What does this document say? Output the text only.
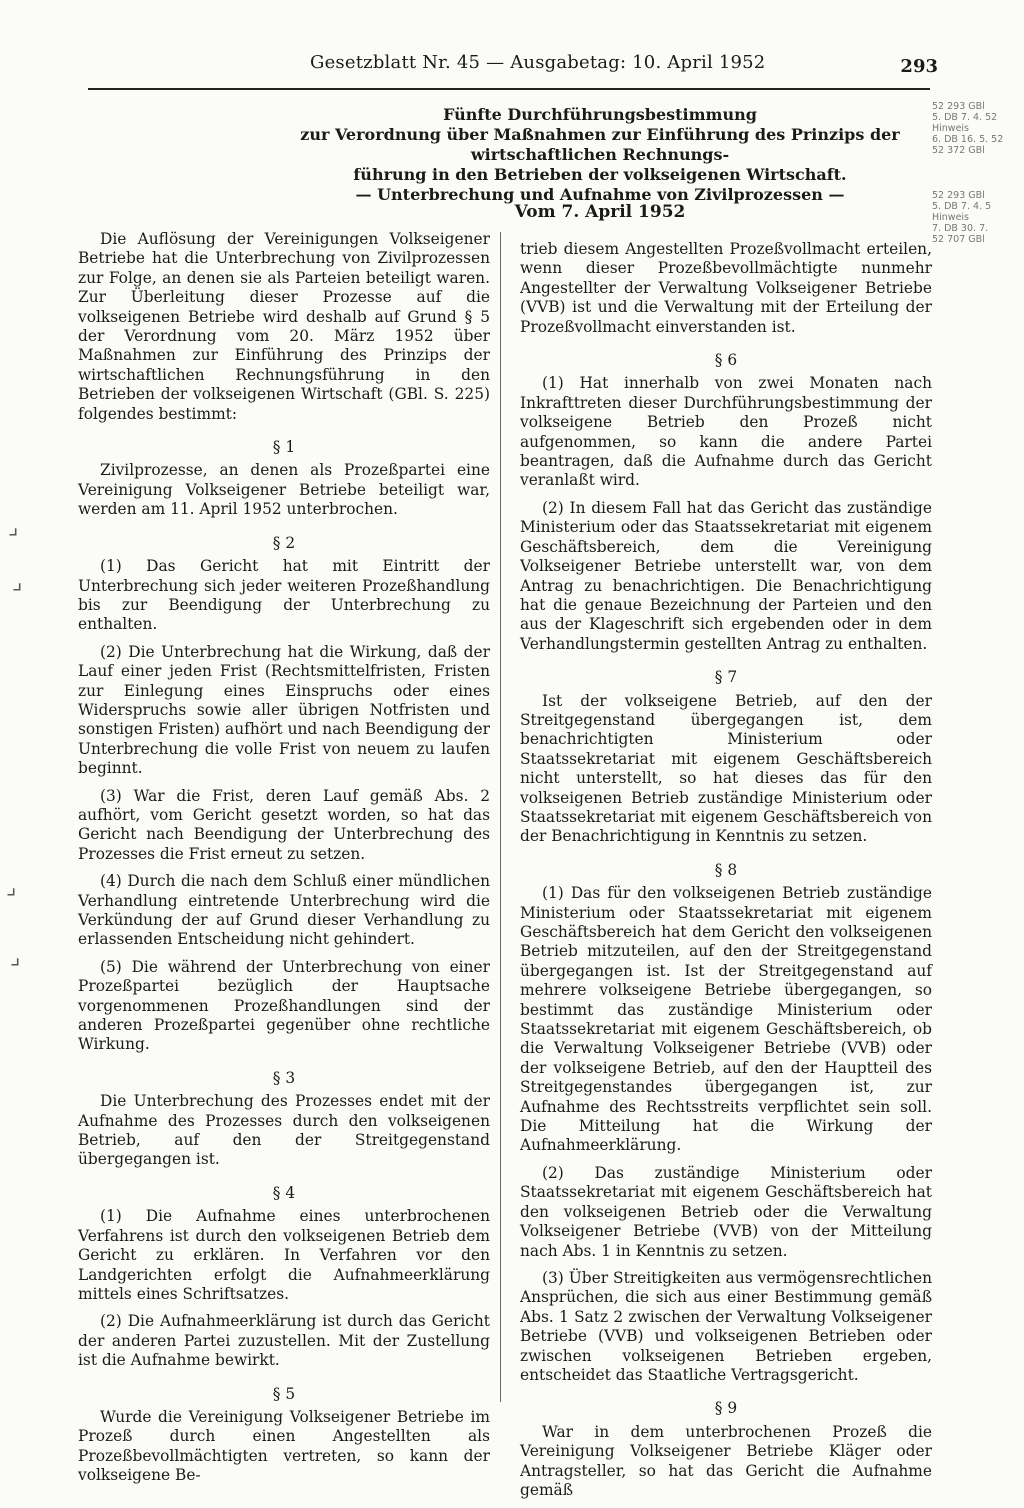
Gesetzblatt Nr. 45 — Ausgabetag: 10. April 1952	293
52 293 GBl
5. DB 7. 4. 52
Hinweis
6. DB 16. 5. 52
52 372 GBl
52 293 GBl
5. DB 7. 4. 5
Hinweis
7. DB 30. 7.
52 707 GBl
Fünfte Durchführungsbestimmung
zur Verordnung über Maßnahmen zur Einführung des Prinzips der wirtschaftlichen Rechnungs-
führung in den Betrieben der volkseigenen Wirtschaft.
— Unterbrechung und Aufnahme von Zivilprozessen —
Vom 7. April 1952
⌟
⌟
⌟
⌟

Die Auflösung der Vereinigungen Volkseigener Betriebe hat die Unterbrechung von Zivilprozessen zur Folge, an denen sie als Parteien beteiligt waren. Zur Überleitung dieser Prozesse auf die volkseigenen Betriebe wird deshalb auf Grund § 5 der Verordnung vom 20. März 1952 über Maßnahmen zur Einführung des Prinzips der wirtschaftlichen Rechnungsführung in den Betrieben der volkseigenen Wirtschaft (GBl. S. 225) folgendes bestimmt:

§ 1

Zivilprozesse, an denen als Prozeßpartei eine Vereinigung Volkseigener Betriebe beteiligt war, werden am 11. April 1952 unterbrochen.

§ 2

(1) Das Gericht hat mit Eintritt der Unterbrechung sich jeder weiteren Prozeßhandlung bis zur Beendigung der Unterbrechung zu enthalten.

(2) Die Unterbrechung hat die Wirkung, daß der Lauf einer jeden Frist (Rechtsmittelfristen, Fristen zur Einlegung eines Einspruchs oder eines Widerspruchs sowie aller übrigen Notfristen und sonstigen Fristen) aufhört und nach Beendigung der Unterbrechung die volle Frist von neuem zu laufen beginnt.

(3) War die Frist, deren Lauf gemäß Abs. 2 aufhört, vom Gericht gesetzt worden, so hat das Gericht nach Beendigung der Unterbrechung des Prozesses die Frist erneut zu setzen.

(4) Durch die nach dem Schluß einer mündlichen Verhandlung eintretende Unterbrechung wird die Verkündung der auf Grund dieser Verhandlung zu erlassenden Entscheidung nicht gehindert.

(5) Die während der Unterbrechung von einer Prozeßpartei bezüglich der Hauptsache vorgenommenen Prozeßhandlungen sind der anderen Prozeßpartei gegenüber ohne rechtliche Wirkung.

§ 3

Die Unterbrechung des Prozesses endet mit der Aufnahme des Prozesses durch den volkseigenen Betrieb, auf den der Streitgegenstand übergegangen ist.

§ 4

(1) Die Aufnahme eines unterbrochenen Verfahrens ist durch den volkseigenen Betrieb dem Gericht zu erklären. In Verfahren vor den Landgerichten erfolgt die Aufnahmeerklärung mittels eines Schriftsatzes.

(2) Die Aufnahmeerklärung ist durch das Gericht der anderen Partei zuzustellen. Mit der Zustellung ist die Aufnahme bewirkt.

§ 5

Wurde die Vereinigung Volkseigener Betriebe im Prozeß durch einen Angestellten als Prozeßbevollmächtigten vertreten, so kann der volkseigene Be-

trieb diesem Angestellten Prozeßvollmacht erteilen, wenn dieser Prozeßbevollmächtigte nunmehr Angestellter der Verwaltung Volkseigener Betriebe (VVB) ist und die Verwaltung mit der Erteilung der Prozeßvollmacht einverstanden ist.

§ 6

(1) Hat innerhalb von zwei Monaten nach Inkrafttreten dieser Durchführungsbestimmung der volkseigene Betrieb den Prozeß nicht aufgenommen, so kann die andere Partei beantragen, daß die Aufnahme durch das Gericht veranlaßt wird.

(2) In diesem Fall hat das Gericht das zuständige Ministerium oder das Staatssekretariat mit eigenem Geschäftsbereich, dem die Vereinigung Volkseigener Betriebe unterstellt war, von dem Antrag zu benachrichtigen. Die Benachrichtigung hat die genaue Bezeichnung der Parteien und den aus der Klageschrift sich ergebenden oder in dem Verhandlungstermin gestellten Antrag zu enthalten.

§ 7

Ist der volkseigene Betrieb, auf den der Streitgegenstand übergegangen ist, dem benachrichtigten Ministerium oder Staatssekretariat mit eigenem Geschäftsbereich nicht unterstellt, so hat dieses das für den volkseigenen Betrieb zuständige Ministerium oder Staatssekretariat mit eigenem Geschäftsbereich von der Benachrichtigung in Kenntnis zu setzen.

§ 8

(1) Das für den volkseigenen Betrieb zuständige Ministerium oder Staatssekretariat mit eigenem Geschäftsbereich hat dem Gericht den volkseigenen Betrieb mitzuteilen, auf den der Streitgegenstand übergegangen ist. Ist der Streitgegenstand auf mehrere volkseigene Betriebe übergegangen, so bestimmt das zuständige Ministerium oder Staatssekretariat mit eigenem Geschäftsbereich, ob die Verwaltung Volkseigener Betriebe (VVB) oder der volkseigene Betrieb, auf den der Hauptteil des Streitgegenstandes übergegangen ist, zur Aufnahme des Rechtsstreits verpflichtet sein soll. Die Mitteilung hat die Wirkung der Aufnahmeerklärung.

(2) Das zuständige Ministerium oder Staatssekretariat mit eigenem Geschäftsbereich hat den volkseigenen Betrieb oder die Verwaltung Volkseigener Betriebe (VVB) von der Mitteilung nach Abs. 1 in Kenntnis zu setzen.

(3) Über Streitigkeiten aus vermögensrechtlichen Ansprüchen, die sich aus einer Bestimmung gemäß Abs. 1 Satz 2 zwischen der Verwaltung Volkseigener Betriebe (VVB) und volkseigenen Betrieben oder zwischen volkseigenen Betrieben ergeben, entscheidet das Staatliche Vertragsgericht.

§ 9

War in dem unterbrochenen Prozeß die Vereinigung Volkseigener Betriebe Kläger oder Antragsteller, so hat das Gericht die Aufnahme gemäß
